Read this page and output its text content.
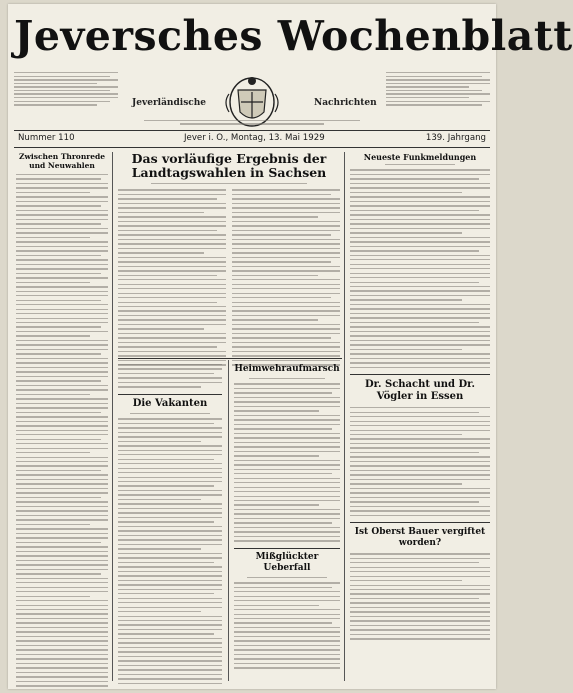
Jeversches Wochenblatt
Jeverländische	Nachrichten
Nummer 110	Jever i. O., Montag, 13. Mai 1929	139. Jahrgang
Zwischen Thronrede und Neuwahlen	Das vorläufige Ergebnis der Landtagswahlen in Sachsen
Die Vakanten
Heimwehraufmarsch
Mißglückter Ueberfall
Neueste Funkmeldungen
Dr. Schacht und Dr. Vögler in Essen
Ist Oberst Bauer vergiftet worden?
